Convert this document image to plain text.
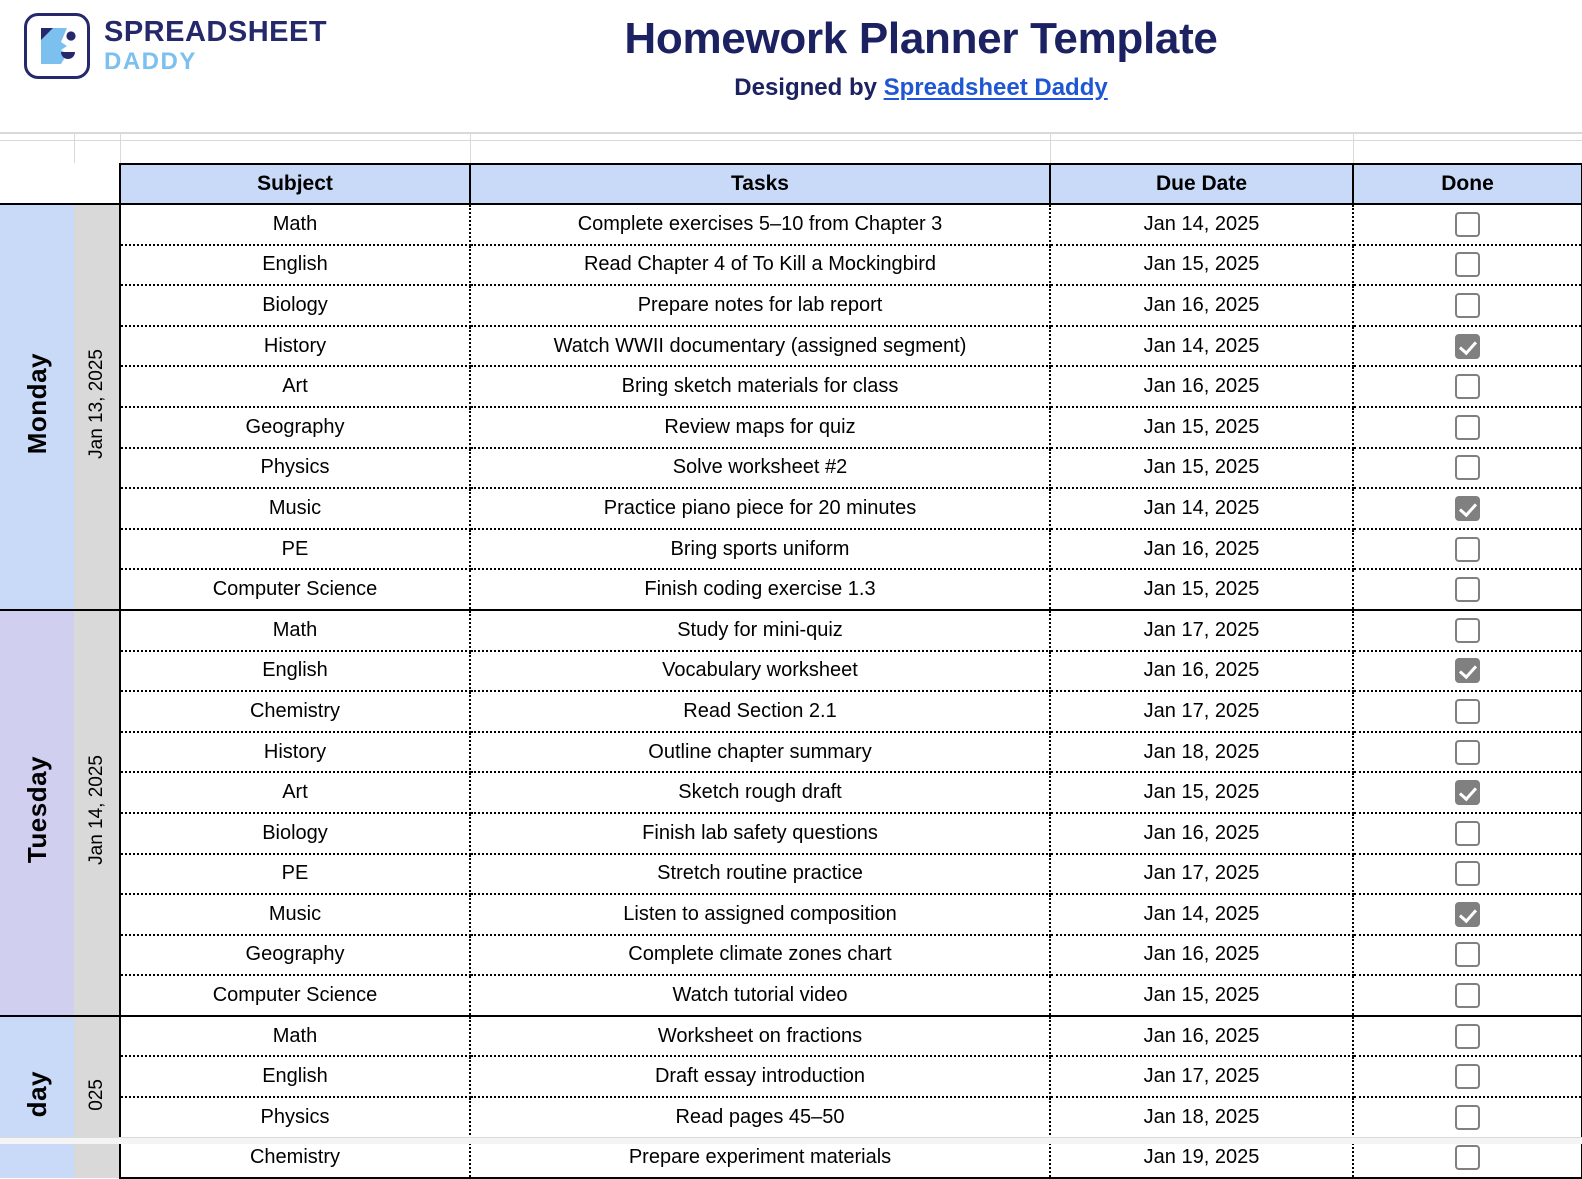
SPREADSHEET
DADDY	Homework Planner Template
Designed by Spreadsheet Daddy
		Subject	Tasks	Due Date	Done
Monday	Jan 13, 2025	Math	Complete exercises 5–10 from Chapter 3	Jan 14, 2025	
		English	Read Chapter 4 of To Kill a Mockingbird	Jan 15, 2025	
		Biology	Prepare notes for lab report	Jan 16, 2025	
		History	Watch WWII documentary (assigned segment)	Jan 14, 2025	
		Art	Bring sketch materials for class	Jan 16, 2025	
		Geography	Review maps for quiz	Jan 15, 2025	
		Physics	Solve worksheet #2	Jan 15, 2025	
		Music	Practice piano piece for 20 minutes	Jan 14, 2025	
		PE	Bring sports uniform	Jan 16, 2025	
		Computer Science	Finish coding exercise 1.3	Jan 15, 2025	
Tuesday	Jan 14, 2025	Math	Study for mini-quiz	Jan 17, 2025	
		English	Vocabulary worksheet	Jan 16, 2025	
		Chemistry	Read Section 2.1	Jan 17, 2025	
		History	Outline chapter summary	Jan 18, 2025	
		Art	Sketch rough draft	Jan 15, 2025	
		Biology	Finish lab safety questions	Jan 16, 2025	
		PE	Stretch routine practice	Jan 17, 2025	
		Music	Listen to assigned composition	Jan 14, 2025	
		Geography	Complete climate zones chart	Jan 16, 2025	
		Computer Science	Watch tutorial video	Jan 15, 2025	
day	025	Math	Worksheet on fractions	Jan 16, 2025	
		English	Draft essay introduction	Jan 17, 2025	
		Physics	Read pages 45–50	Jan 18, 2025	
		Chemistry	Prepare experiment materials	Jan 19, 2025	
